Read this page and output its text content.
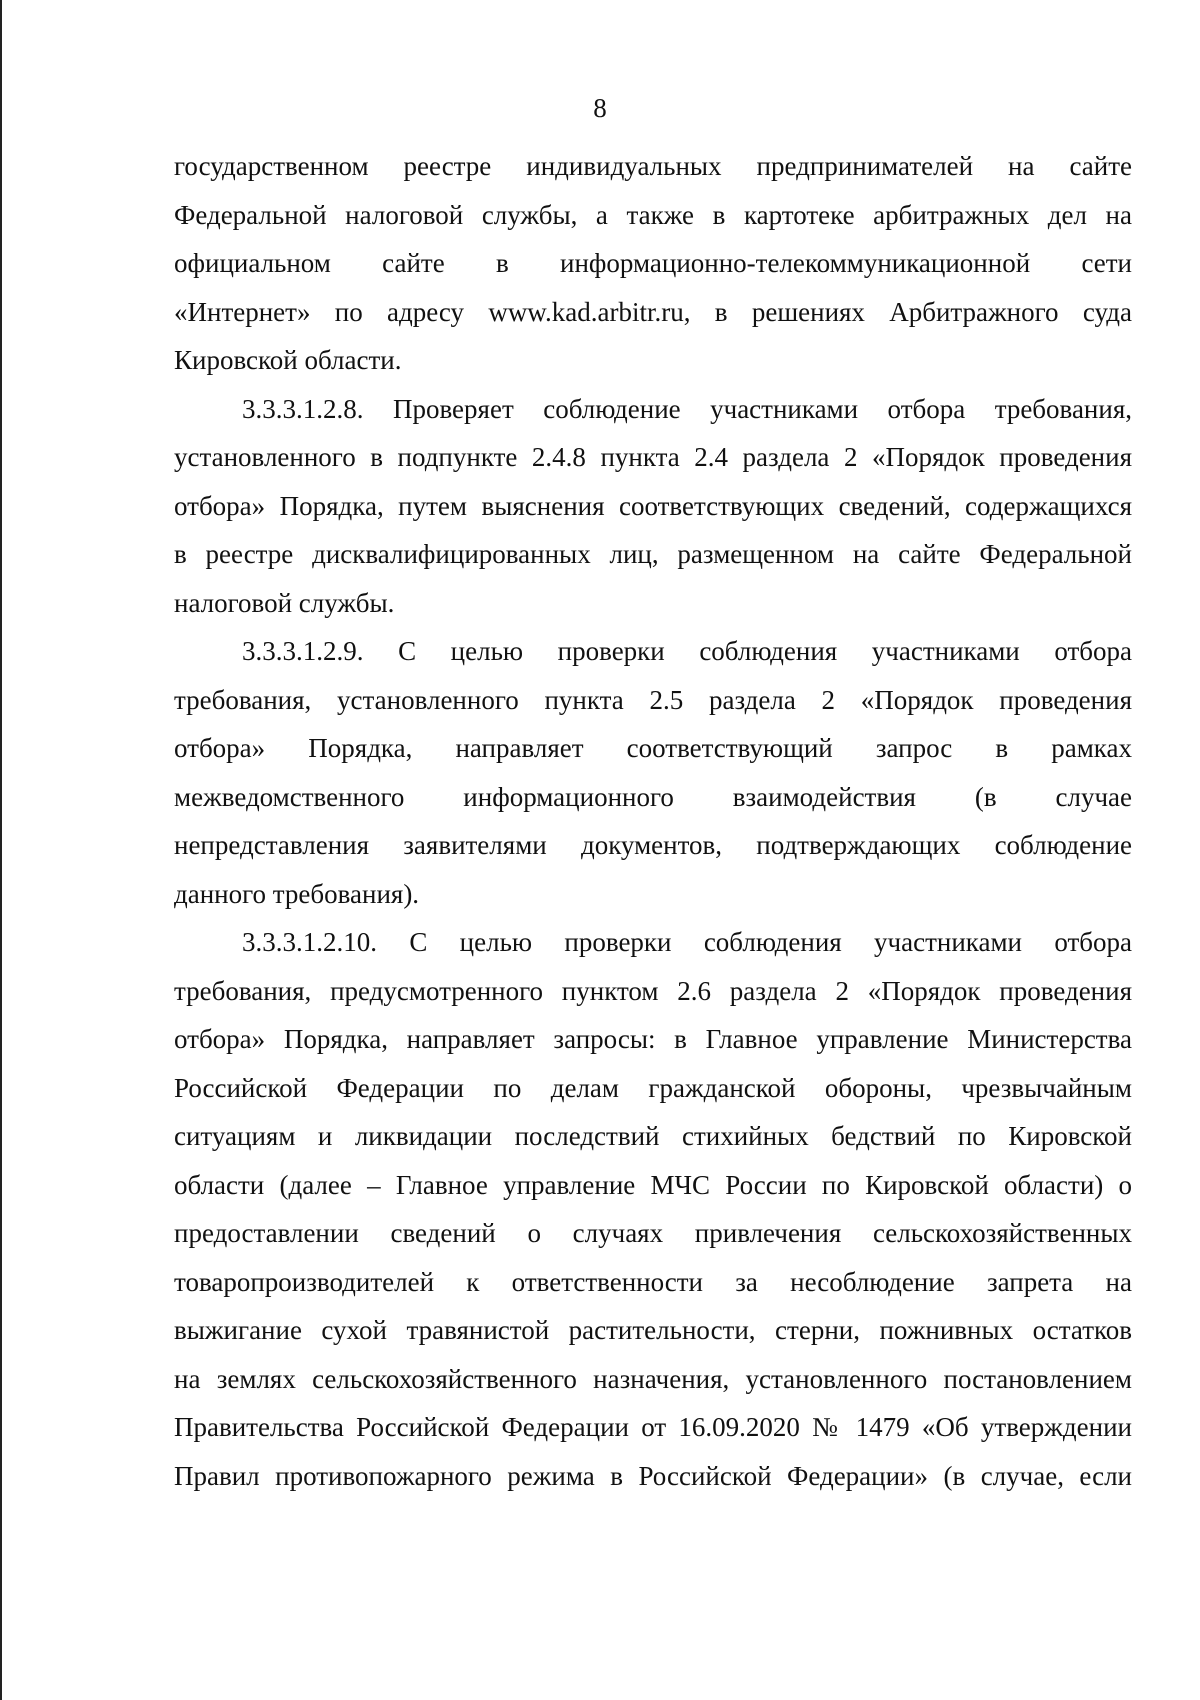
8
государственном реестре индивидуальных предпринимателей на сайте
Федеральной налоговой службы, а также в картотеке арбитражных дел на
официальном сайте в информационно-телекоммуникационной сети
«Интернет» по адресу www.kad.arbitr.ru, в решениях Арбитражного суда
Кировской области.
3.3.3.1.2.8. Проверяет соблюдение участниками отбора требования,
установленного в подпункте 2.4.8 пункта 2.4 раздела 2 «Порядок проведения
отбора» Порядка, путем выяснения соответствующих сведений, содержащихся
в реестре дисквалифицированных лиц, размещенном на сайте Федеральной
налоговой службы.
3.3.3.1.2.9. С целью проверки соблюдения участниками отбора
требования, установленного пункта 2.5 раздела 2 «Порядок проведения
отбора» Порядка, направляет соответствующий запрос в рамках
межведомственного информационного взаимодействия (в случае
непредставления заявителями документов, подтверждающих соблюдение
данного требования).
3.3.3.1.2.10. С целью проверки соблюдения участниками отбора
требования, предусмотренного пунктом 2.6 раздела 2 «Порядок проведения
отбора» Порядка, направляет запросы: в Главное управление Министерства
Российской Федерации по делам гражданской обороны, чрезвычайным
ситуациям и ликвидации последствий стихийных бедствий по Кировской
области (далее – Главное управление МЧС России по Кировской области) о
предоставлении сведений о случаях привлечения сельскохозяйственных
товаропроизводителей к ответственности за несоблюдение запрета на
выжигание сухой травянистой растительности, стерни, пожнивных остатков
на землях сельскохозяйственного назначения, установленного постановлением
Правительства Российской Федерации от 16.09.2020 № 1479 «Об утверждении
Правил противопожарного режима в Российской Федерации» (в случае, если
